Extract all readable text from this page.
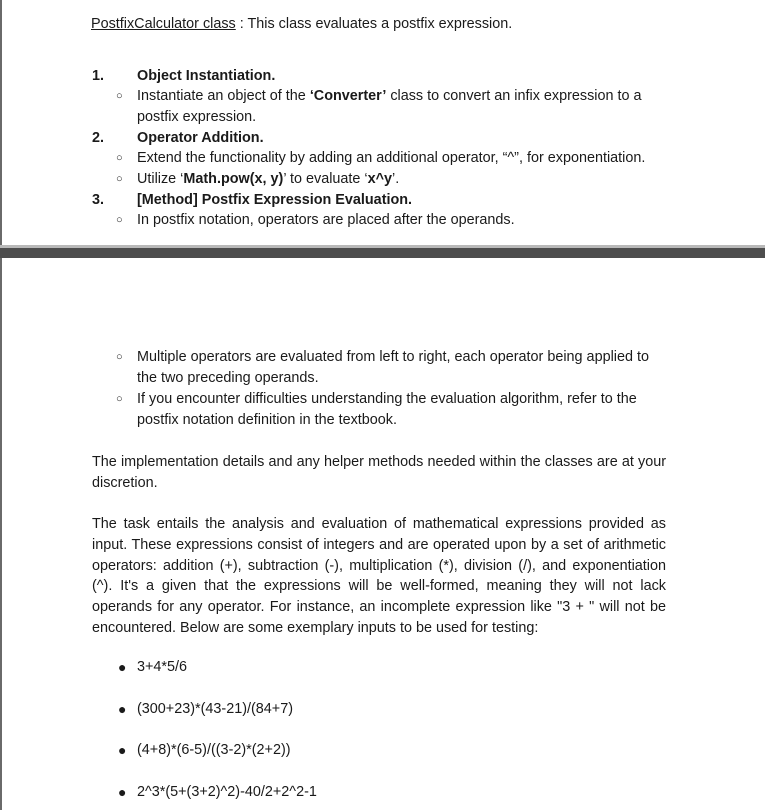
PostfixCalculator class : This class evaluates a postfix expression.
1. Object Instantiation.
○ Instantiate an object of the ‘Converter’ class to convert an infix expression to a
postfix expression.
2. Operator Addition.
○ Extend the functionality by adding an additional operator, “^”, for exponentiation.
○ Utilize ‘Math.pow(x, y)’ to evaluate ‘x^y’.
3. [Method] Postfix Expression Evaluation.
○ In postfix notation, operators are placed after the operands.
○ Multiple operators are evaluated from left to right, each operator being applied to
the two preceding operands.
○ If you encounter difficulties understanding the evaluation algorithm, refer to the
postfix notation definition in the textbook.
The implementation details and any helper methods needed within the classes are at your discretion.
The task entails the analysis and evaluation of mathematical expressions provided as input. These expressions consist of integers and are operated upon by a set of arithmetic operators: addition (+), subtraction (-), multiplication (*), division (/), and exponentiation (^). It's a given that the expressions will be well-formed, meaning they will not lack operands for any operator. For instance, an incomplete expression like "3 + " will not be encountered. Below are some exemplary inputs to be used for testing:
● 3+4*5/6
● (300+23)*(43-21)/(84+7)
● (4+8)*(6-5)/((3-2)*(2+2))
● 2^3*(5+(3+2)^2)-40/2+2^2-1
